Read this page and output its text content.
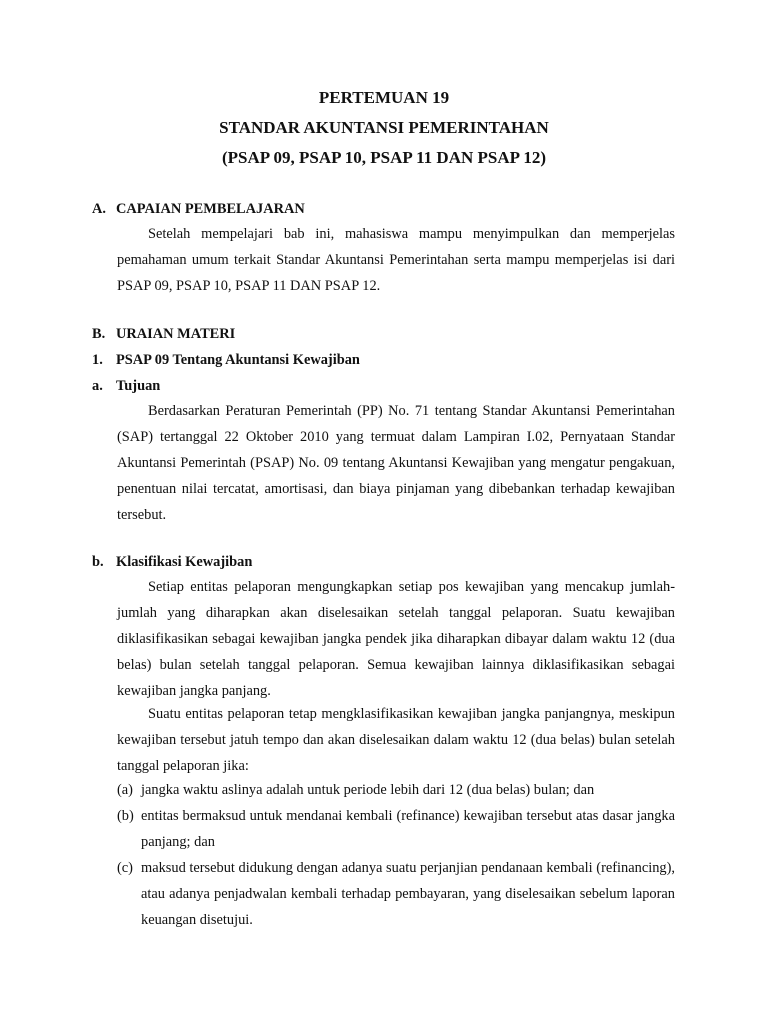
PERTEMUAN 19
STANDAR AKUNTANSI PEMERINTAHAN
(PSAP 09, PSAP 10, PSAP 11 DAN PSAP 12)
A. CAPAIAN PEMBELAJARAN

Setelah mempelajari bab ini, mahasiswa mampu menyimpulkan dan memperjelas pemahaman umum terkait Standar Akuntansi Pemerintahan serta mampu memperjelas isi dari PSAP 09, PSAP 10, PSAP 11 DAN PSAP 12.

B. URAIAN MATERI
1. PSAP 09 Tentang Akuntansi Kewajiban
a. Tujuan

Berdasarkan Peraturan Pemerintah (PP) No. 71 tentang Standar Akuntansi Pemerintahan (SAP) tertanggal 22 Oktober 2010 yang termuat dalam Lampiran I.02, Pernyataan Standar Akuntansi Pemerintah (PSAP) No. 09 tentang Akuntansi Kewajiban yang mengatur pengakuan, penentuan nilai tercatat, amortisasi, dan biaya pinjaman yang dibebankan terhadap kewajiban tersebut.

b. Klasifikasi Kewajiban

Setiap entitas pelaporan mengungkapkan setiap pos kewajiban yang mencakup jumlah-jumlah yang diharapkan akan diselesaikan setelah tanggal pelaporan. Suatu kewajiban diklasifikasikan sebagai kewajiban jangka pendek jika diharapkan dibayar dalam waktu 12 (dua belas) bulan setelah tanggal pelaporan. Semua kewajiban lainnya diklasifikasikan sebagai kewajiban jangka panjang.

Suatu entitas pelaporan tetap mengklasifikasikan kewajiban jangka panjangnya, meskipun kewajiban tersebut jatuh tempo dan akan diselesaikan dalam waktu 12 (dua belas) bulan setelah tanggal pelaporan jika:

(a) jangka waktu aslinya adalah untuk periode lebih dari 12 (dua belas) bulan; dan
(b) entitas bermaksud untuk mendanai kembali (refinance) kewajiban tersebut atas dasar jangka panjang; dan
(c) maksud tersebut didukung dengan adanya suatu perjanjian pendanaan kembali (refinancing), atau adanya penjadwalan kembali terhadap pembayaran, yang diselesaikan sebelum laporan keuangan disetujui.
